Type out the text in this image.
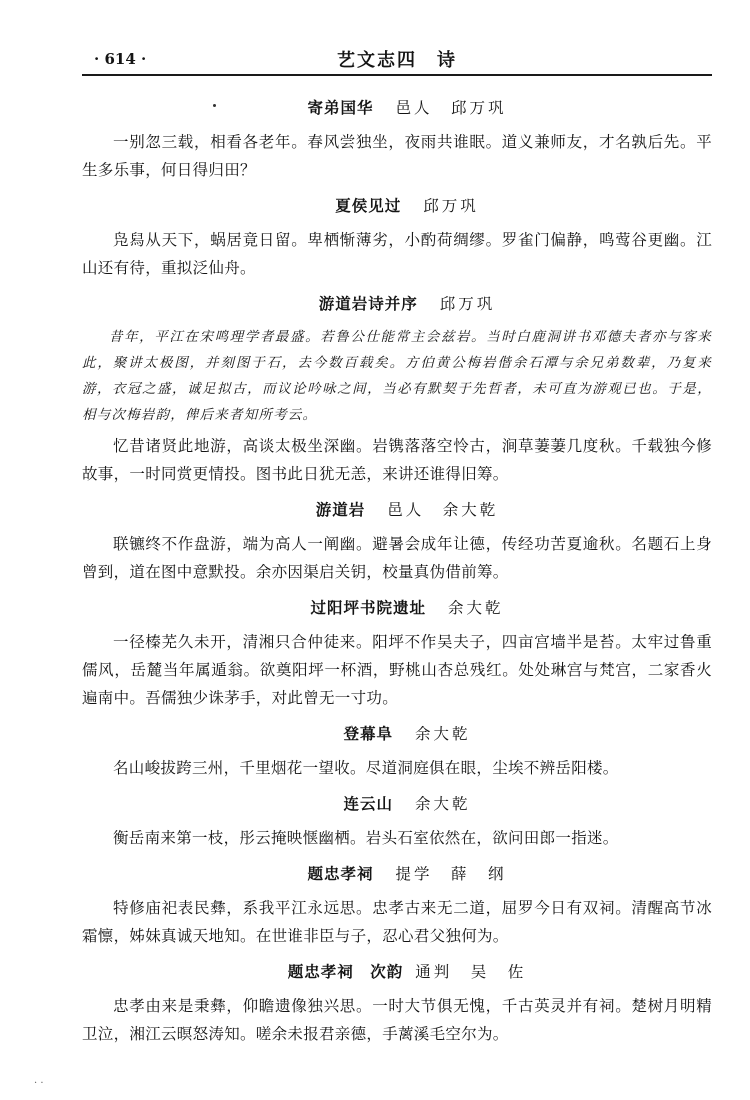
· 614 ·	艺文志四　诗
寄弟国华 邑人　邱万巩

一别忽三载，相看各老年。春风尝独坐，夜雨共谁眠。道义兼师友，才名孰后先。平生多乐事，何日得归田？

夏侯见过 邱万巩

凫舄从天下，蜗居竟日留。卑栖惭薄劣，小酌荷绸缪。罗雀门偏静，鸣莺谷更幽。江山还有待，重拟泛仙舟。

游道岩诗并序 邱万巩

昔年，平江在宋鸣理学者最盛。若鲁公仕能常主会兹岩。当时白鹿洞讲书邓德夫者亦与客来此，聚讲太极图，并刻图于石，去今数百载矣。方伯黄公梅岩偕余石潭与余兄弟数辈，乃复来游，衣冠之盛，诚足拟古，而议论吟咏之间，当必有默契于先哲者，未可直为游观已也。于是，相与次梅岩韵，俾后来者知所考云。

忆昔诸贤此地游，高谈太极坐深幽。岩镌落落空怜古，涧草萋萋几度秋。千载独今修故事，一时同赏更情投。图书此日犹无恙，来讲还谁得旧筹。

游道岩 邑人　余大乾

联镳终不作盘游，端为高人一阐幽。避暑会成年让德，传经功苦夏逾秋。名题石上身曾到，道在图中意默投。余亦因渠启关钥，校量真伪借前筹。

过阳坪书院遗址 余大乾

一径榛芜久未开，清湘只合仲徒来。阳坪不作吴夫子，四亩宫墙半是苔。太牢过鲁重儒风，岳麓当年属遁翁。欲奠阳坪一杯酒，野桃山杏总残红。处处琳宫与梵宫，二家香火遍南中。吾儒独少诛茅手，对此曾无一寸功。

登幕阜 余大乾

名山峻拔跨三州，千里烟花一望收。尽道洞庭俱在眼，尘埃不辨岳阳楼。

连云山 余大乾

衡岳南来第一枝，彤云掩映惬幽栖。岩头石室依然在，欲问田郎一指迷。

题忠孝祠 提学　薛　纲

特修庙祀表民彝，系我平江永远思。忠孝古来无二道，屈罗今日有双祠。清醒高节冰霜懔，姊妹真诚天地知。在世谁非臣与子，忍心君父独何为。

题忠孝祠　次韵 通判　吴　佐

忠孝由来是秉彝，仰瞻遗像独兴思。一时大节俱无愧，千古英灵并有祠。楚树月明精卫泣，湘江云暝怒涛知。嗟余未报君亲德，手蓠溪毛空尔为。

· ·
